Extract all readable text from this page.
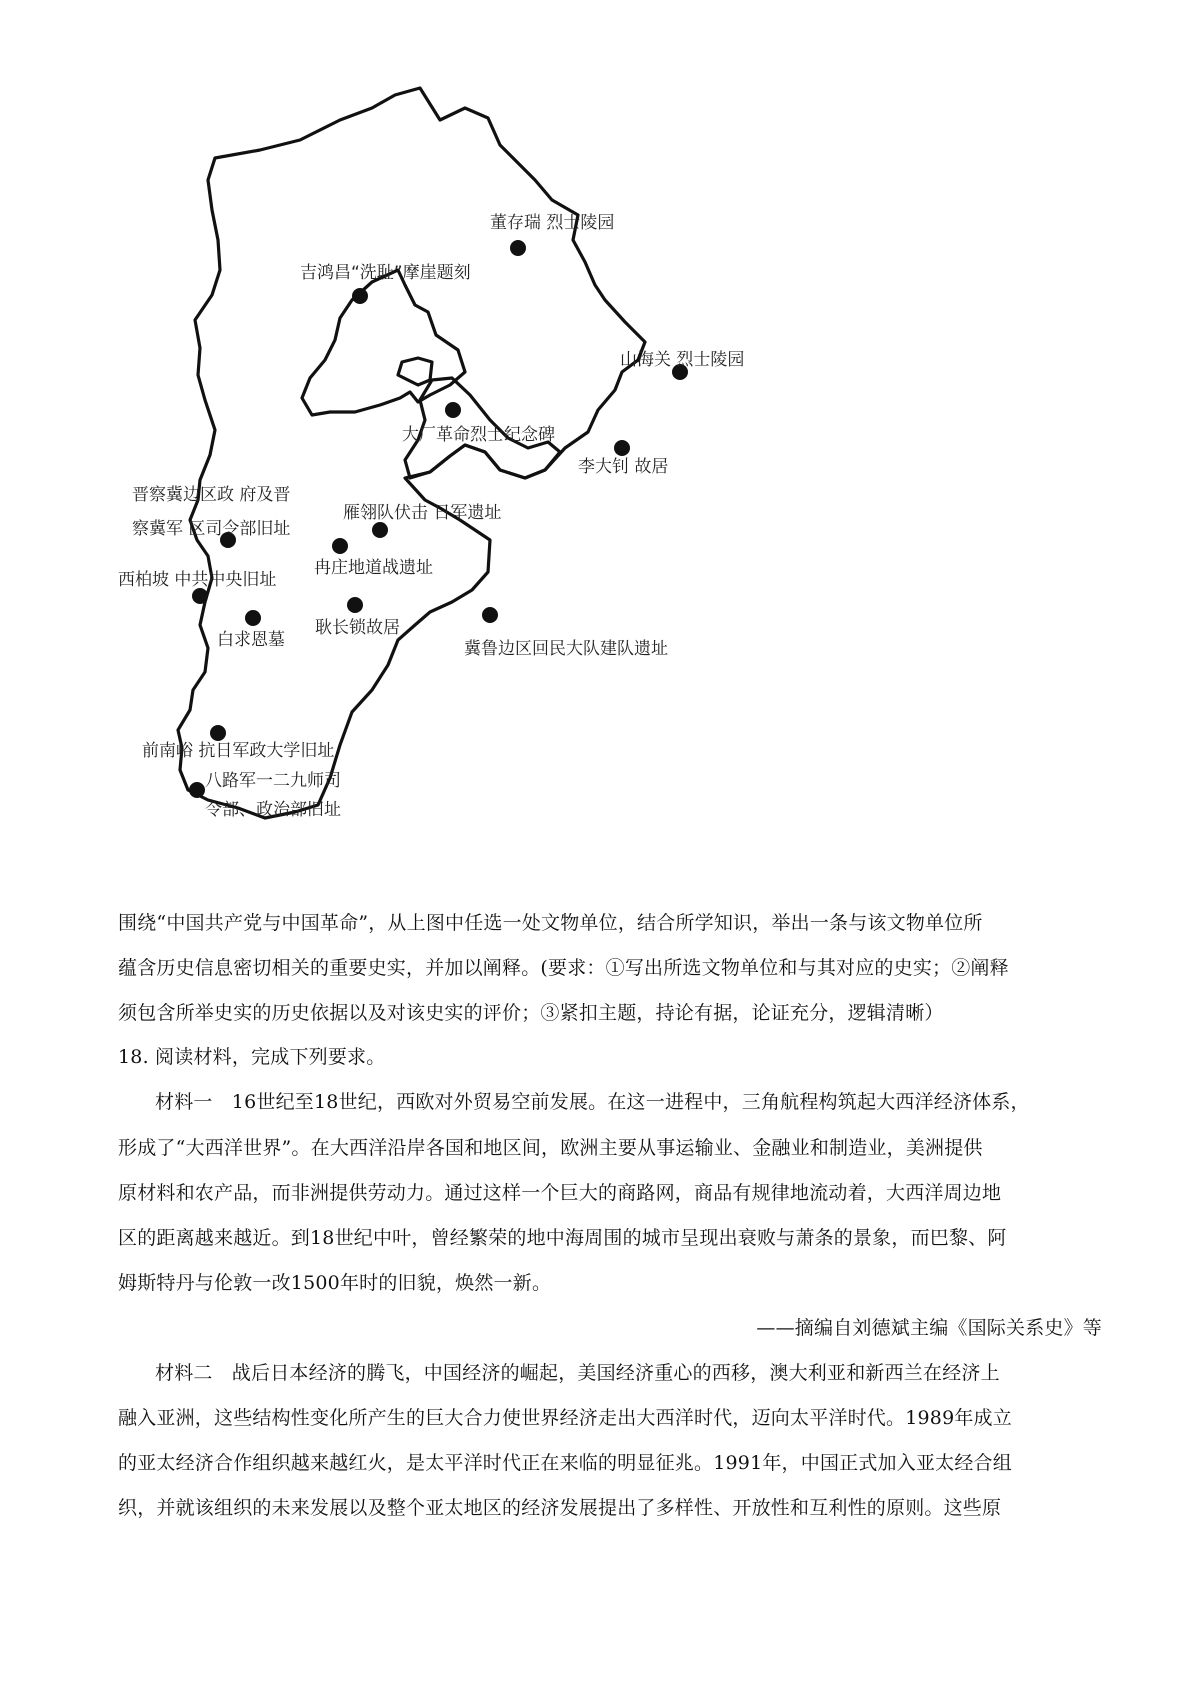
董存瑞 烈士陵园
吉鸿昌“洗耻”摩崖题刻
山海关 烈士陵园
大厂革命烈士纪念碑
李大钊 故居
晋察冀边区政 府及晋
察冀军 区司令部旧址
雁翎队伏击 日军遗址
冉庄地道战遗址
西柏坡 中共中央旧址
白求恩墓
耿长锁故居
冀鲁边区回民大队建队遗址
前南峪 抗日军政大学旧址
八路军一二九师司
令部、政治部旧址
围绕“中国共产党与中国革命”，从上图中任选一处文物单位，结合所学知识，举出一条与该文物单位所
蕴含历史信息密切相关的重要史实，并加以阐释。(要求：①写出所选文物单位和与其对应的史实；②阐释
须包含所举史实的历史依据以及对该史实的评价；③紧扣主题，持论有据，论证充分，逻辑清晰）
18. 阅读材料，完成下列要求。
材料一　16世纪至18世纪，西欧对外贸易空前发展。在这一进程中，三角航程构筑起大西洋经济体系，
形成了“大西洋世界”。在大西洋沿岸各国和地区间，欧洲主要从事运输业、金融业和制造业，美洲提供
原材料和农产品，而非洲提供劳动力。通过这样一个巨大的商路网，商品有规律地流动着，大西洋周边地
区的距离越来越近。到18世纪中叶，曾经繁荣的地中海周围的城市呈现出衰败与萧条的景象，而巴黎、阿
姆斯特丹与伦敦一改1500年时的旧貌，焕然一新。
——摘编自刘德斌主编《国际关系史》等
材料二　战后日本经济的腾飞，中国经济的崛起，美国经济重心的西移，澳大利亚和新西兰在经济上
融入亚洲，这些结构性变化所产生的巨大合力使世界经济走出大西洋时代，迈向太平洋时代。1989年成立
的亚太经济合作组织越来越红火，是太平洋时代正在来临的明显征兆。1991年，中国正式加入亚太经合组
织，并就该组织的未来发展以及整个亚太地区的经济发展提出了多样性、开放性和互利性的原则。这些原
